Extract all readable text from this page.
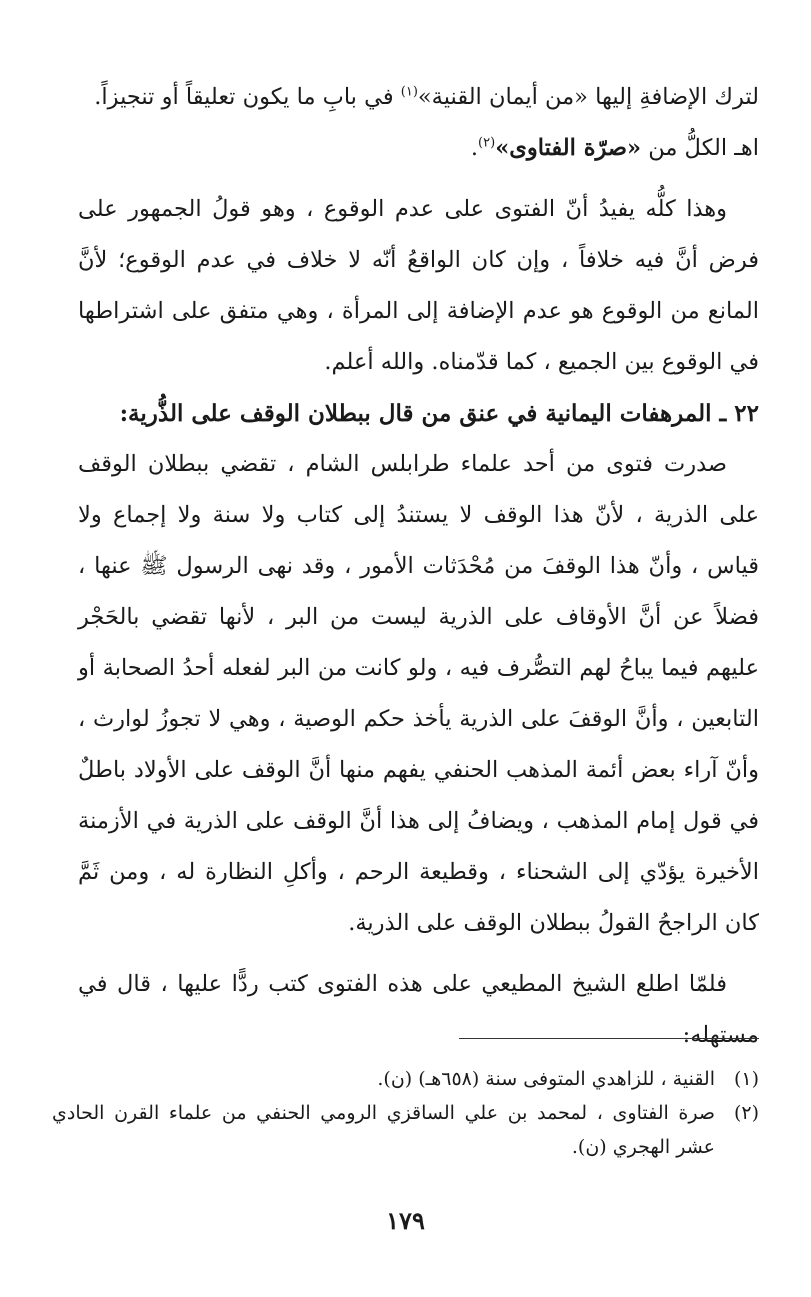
لترك الإضافةِ إليها «من أيمان القنية»$^{(١)}$ في بابِ ما يكون تعليقاً أو تنجيزاً.

اهـ الكلُّ من «صرّة الفتاوى»$^{(٢)}$.

وهذا كلُّه يفيدُ أنّ الفتوى على عدم الوقوع ، وهو قولُ الجمهور على فرض أنَّ فيه خلافاً ، وإن كان الواقعُ أنّه لا خلاف في عدم الوقوع؛ لأنَّ المانع من الوقوع هو عدم الإضافة إلى المرأة ، وهي متفق على اشتراطها في الوقوع بين الجميع ، كما قدّمناه. والله أعلم.

٢٢ ـ المرهفات اليمانية في عنق من قال ببطلان الوقف على الذُّرية:

صدرت فتوى من أحد علماء طرابلس الشام ، تقضي ببطلان الوقف على الذرية ، لأنّ هذا الوقف لا يستندُ إلى كتاب ولا سنة ولا إجماع ولا قياس ، وأنّ هذا الوقفَ من مُحْدَثات الأمور ، وقد نهى الرسول ﷺ عنها ، فضلاً عن أنَّ الأوقاف على الذرية ليست من البر ، لأنها تقضي بالحَجْر عليهم فيما يباحُ لهم التصُّرف فيه ، ولو كانت من البر لفعله أحدُ الصحابة أو التابعين ، وأنَّ الوقفَ على الذرية يأخذ حكم الوصية ، وهي لا تجوزُ لوارث ، وأنّ آراء بعض أئمة المذهب الحنفي يفهم منها أنَّ الوقف على الأولاد باطلٌ في قول إمام المذهب ، ويضافُ إلى هذا أنَّ الوقف على الذرية في الأزمنة الأخيرة يؤدّي إلى الشحناء ، وقطيعة الرحم ، وأكلِ النظارة له ، ومن ثَمَّ كان الراجحُ القولُ ببطلان الوقف على الذرية.

فلمّا اطلع الشيخ المطيعي على هذه الفتوى كتب ردًّا عليها ، قال في مستهله:

(١)
القنية ، للزاهدي المتوفى سنة (٦٥٨هـ) (ن).
(٢)
صرة الفتاوى ، لمحمد بن علي الساقزي الرومي الحنفي من علماء القرن الحادي عشر الهجري (ن).
١٧٩
